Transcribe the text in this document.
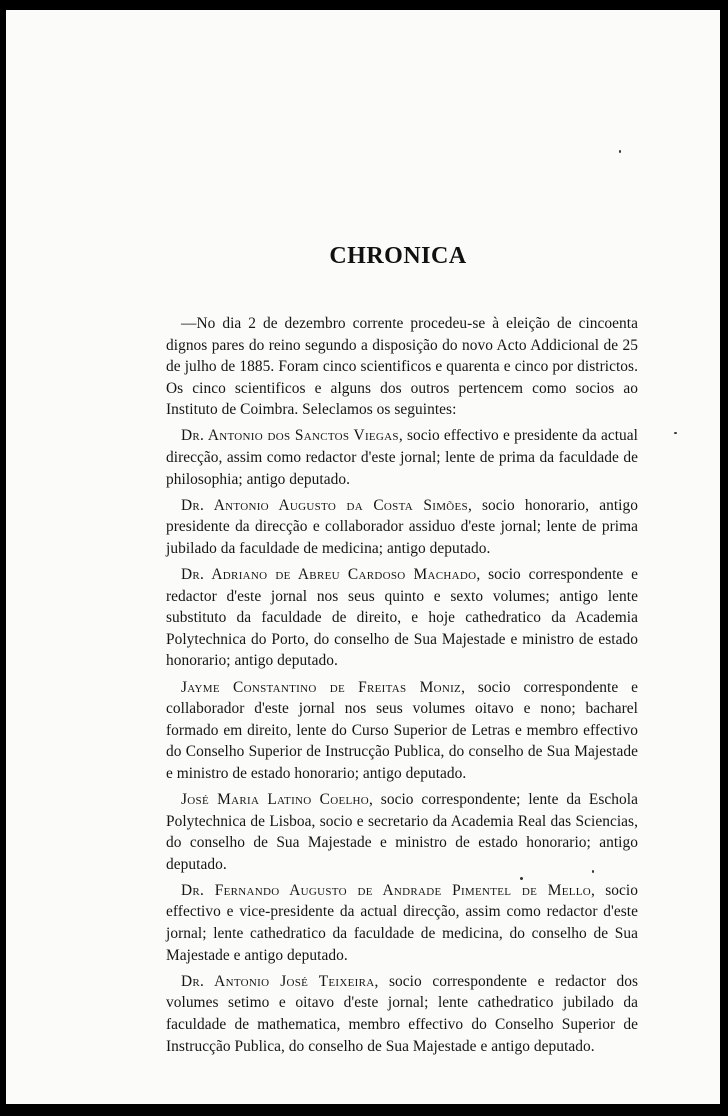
CHRONICA

—No dia 2 de dezembro corrente procedeu-se à eleição de cincoenta dignos pares do reino segundo a disposição do novo Acto Addicional de 25 de julho de 1885. Foram cinco scientificos e quarenta e cinco por districtos. Os cinco scientificos e alguns dos outros pertencem como socios ao Instituto de Coimbra. Seleclamos os seguintes:

Dr. Antonio dos Sanctos Viegas, socio effectivo e presidente da actual direcção, assim como redactor d'este jornal; lente de prima da faculdade de philosophia; antigo deputado.

Dr. Antonio Augusto da Costa Simões, socio honorario, antigo presidente da direcção e collaborador assiduo d'este jornal; lente de prima jubilado da faculdade de medicina; antigo deputado.

Dr. Adriano de Abreu Cardoso Machado, socio correspondente e redactor d'este jornal nos seus quinto e sexto volumes; antigo lente substituto da faculdade de direito, e hoje cathedratico da Academia Polytechnica do Porto, do conselho de Sua Majestade e ministro de estado honorario; antigo deputado.

Jayme Constantino de Freitas Moniz, socio correspondente e collaborador d'este jornal nos seus volumes oitavo e nono; bacharel formado em direito, lente do Curso Superior de Letras e membro effectivo do Conselho Superior de Instrucção Publica, do conselho de Sua Majestade e ministro de estado honorario; antigo deputado.

José Maria Latino Coelho, socio correspondente; lente da Eschola Polytechnica de Lisboa, socio e secretario da Academia Real das Sciencias, do conselho de Sua Majestade e ministro de estado honorario; antigo deputado.

Dr. Fernando Augusto de Andrade Pimentel de Mello, socio effectivo e vice-presidente da actual direcção, assim como redactor d'este jornal; lente cathedratico da faculdade de medicina, do conselho de Sua Majestade e antigo deputado.

Dr. Antonio José Teixeira, socio correspondente e redactor dos volumes setimo e oitavo d'este jornal; lente cathedratico jubilado da faculdade de mathematica, membro effectivo do Conselho Superior de Instrucção Publica, do conselho de Sua Majestade e antigo deputado.
